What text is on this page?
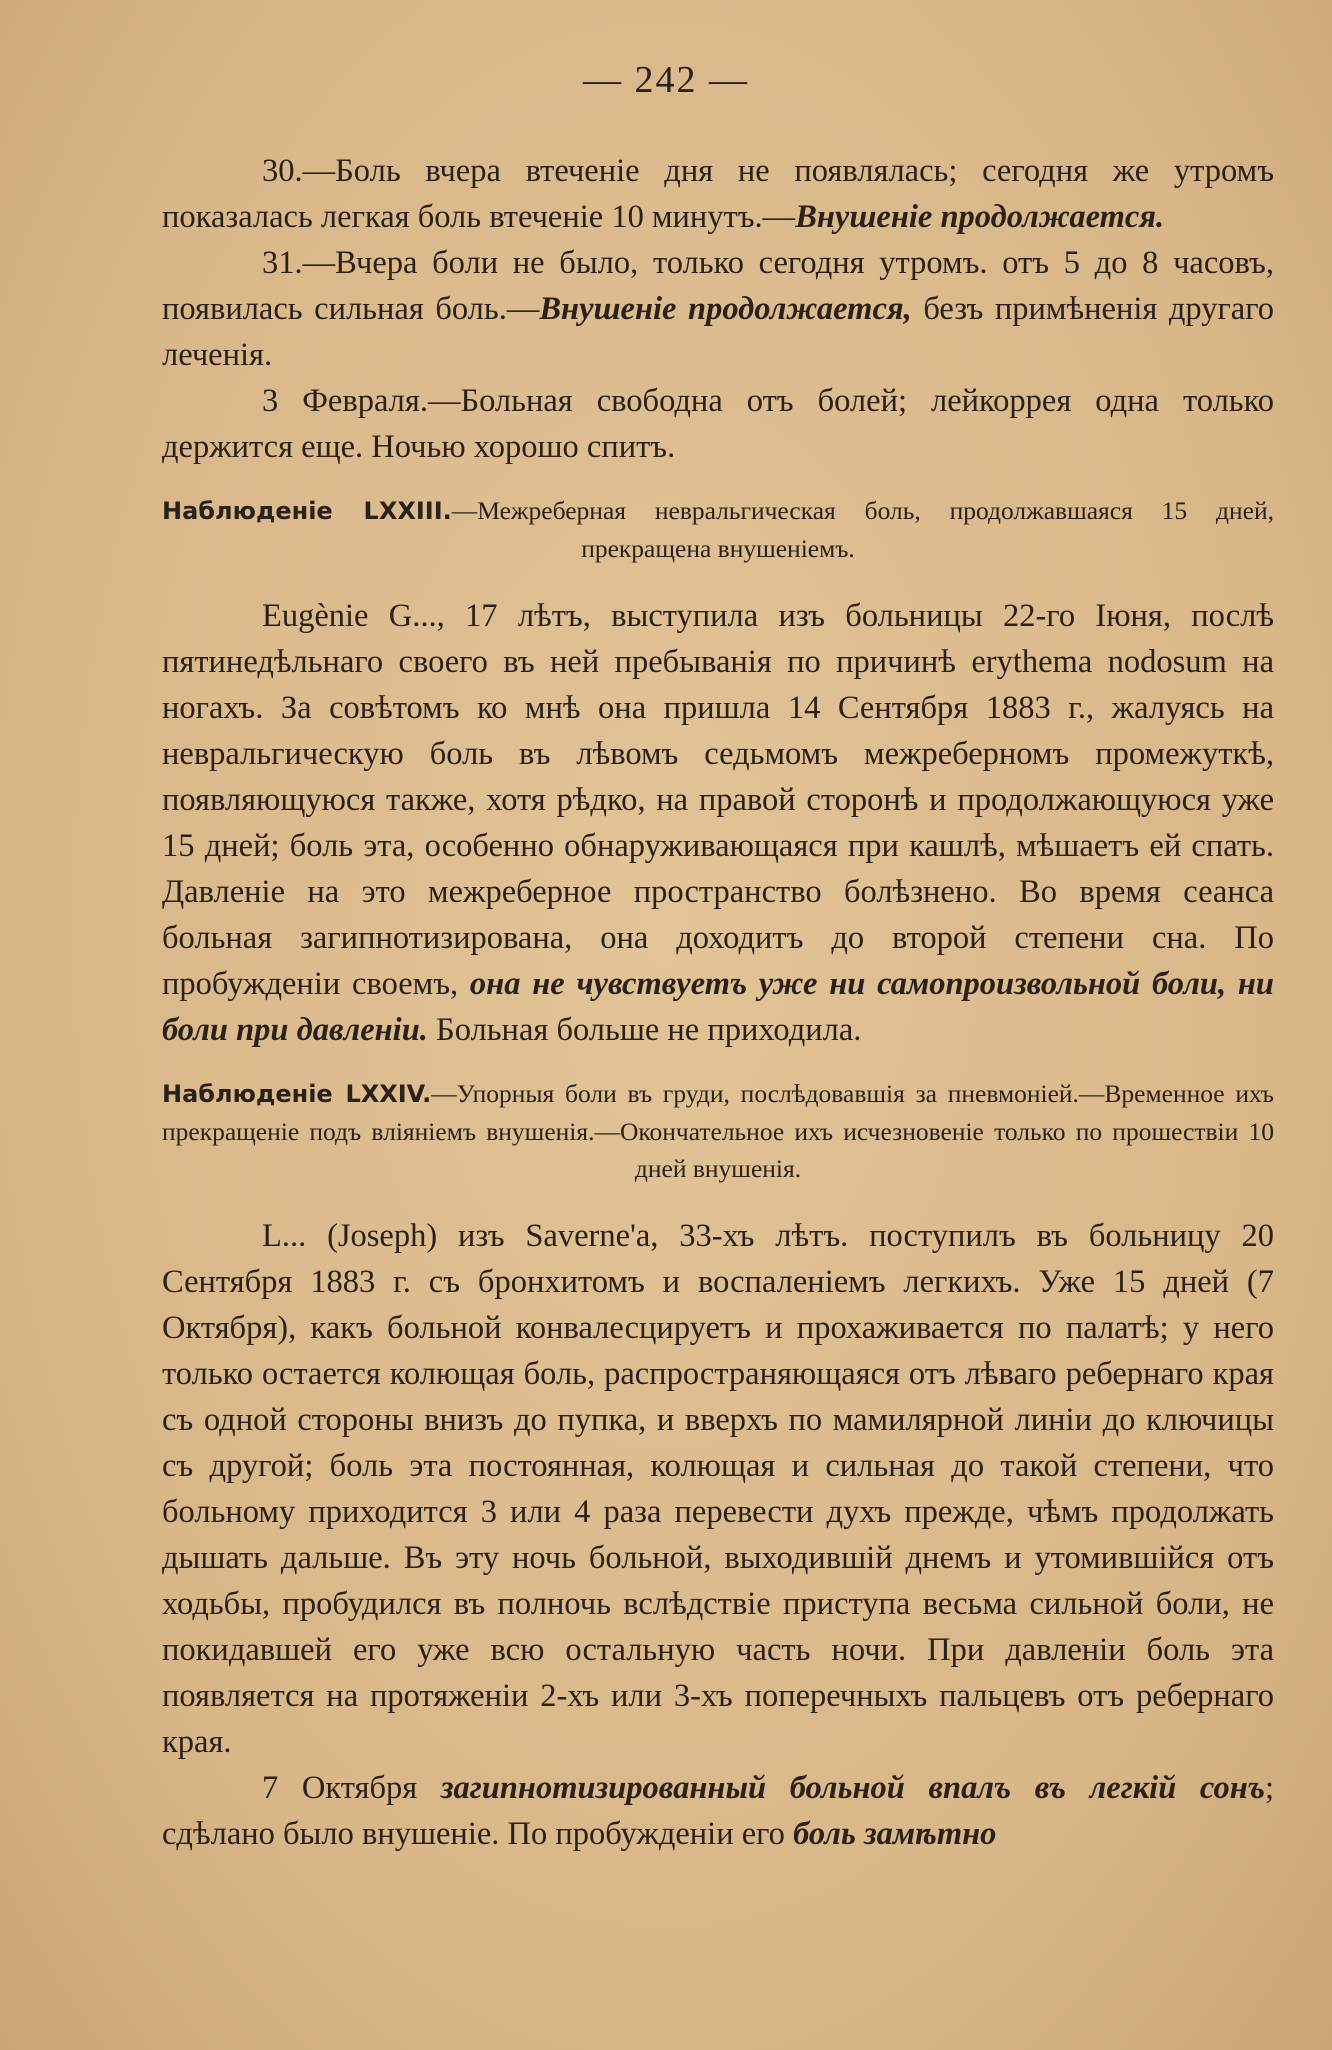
— 242 —

30.—Боль вчера втеченіе дня не появлялась; сегодня же утромъ показалась легкая боль втеченіе 10 минутъ.—Внушеніе продолжается.

31.—Вчера боли не было, только сегодня утромъ. отъ 5 до 8 часовъ, появилась сильная боль.—Внушеніе продолжается, безъ примѣненія другаго леченія.

3 Февраля.—Больная свободна отъ болей; лейкоррея одна только держится еще. Ночью хорошо спитъ.

Наблюденіе LXXIII.—Межреберная невральгическая боль, продолжавшаяся 15 дней, прекращена внушеніемъ.

Eugènie G..., 17 лѣтъ, выступила изъ больницы 22-го Іюня, послѣ пятинедѣльнаго своего въ ней пребыванія по причинѣ erythema nodosum на ногахъ. За совѣтомъ ко мнѣ она пришла 14 Сентября 1883 г., жалуясь на невральгическую боль въ лѣвомъ седьмомъ межреберномъ промежуткѣ, появляющуюся также, хотя рѣдко, на правой сторонѣ и продолжающуюся уже 15 дней; боль эта, особенно обнаруживающаяся при кашлѣ, мѣшаетъ ей спать. Давленіе на это межреберное пространство болѣзнено. Во время сеанса больная загипнотизирована, она доходитъ до второй степени сна. По пробужденіи своемъ, она не чувствуетъ уже ни самопроизвольной боли, ни боли при давленіи. Больная больше не приходила.

Наблюденіе LXXIV.—Упорныя боли въ груди, послѣдовавшія за пневмоніей.—Временное ихъ прекращеніе подъ вліяніемъ внушенія.—Окончательное ихъ исчезновеніе только по прошествіи 10 дней внушенія.

L... (Joseph) изъ Saverne'a, 33-хъ лѣтъ. поступилъ въ больницу 20 Сентября 1883 г. съ бронхитомъ и воспаленіемъ легкихъ. Уже 15 дней (7 Октября), какъ больной конвалесцируетъ и прохаживается по палатѣ; у него только остается колющая боль, распространяющаяся отъ лѣваго ребернаго края съ одной стороны внизъ до пупка, и вверхъ по мамилярной линіи до ключицы съ другой; боль эта постоянная, колющая и сильная до такой степени, что больному приходится 3 или 4 раза перевести духъ прежде, чѣмъ продолжать дышать дальше. Въ эту ночь больной, выходившій днемъ и утомившійся отъ ходьбы, пробудился въ полночь вслѣдствіе приступа весьма сильной боли, не покидавшей его уже всю остальную часть ночи. При давленіи боль эта появляется на протяженіи 2-хъ или 3-хъ поперечныхъ пальцевъ отъ ребернаго края.

7 Октября загипнотизированный больной впалъ въ легкій сонъ; сдѣлано было внушеніе. По пробужденіи его боль замѣтно
